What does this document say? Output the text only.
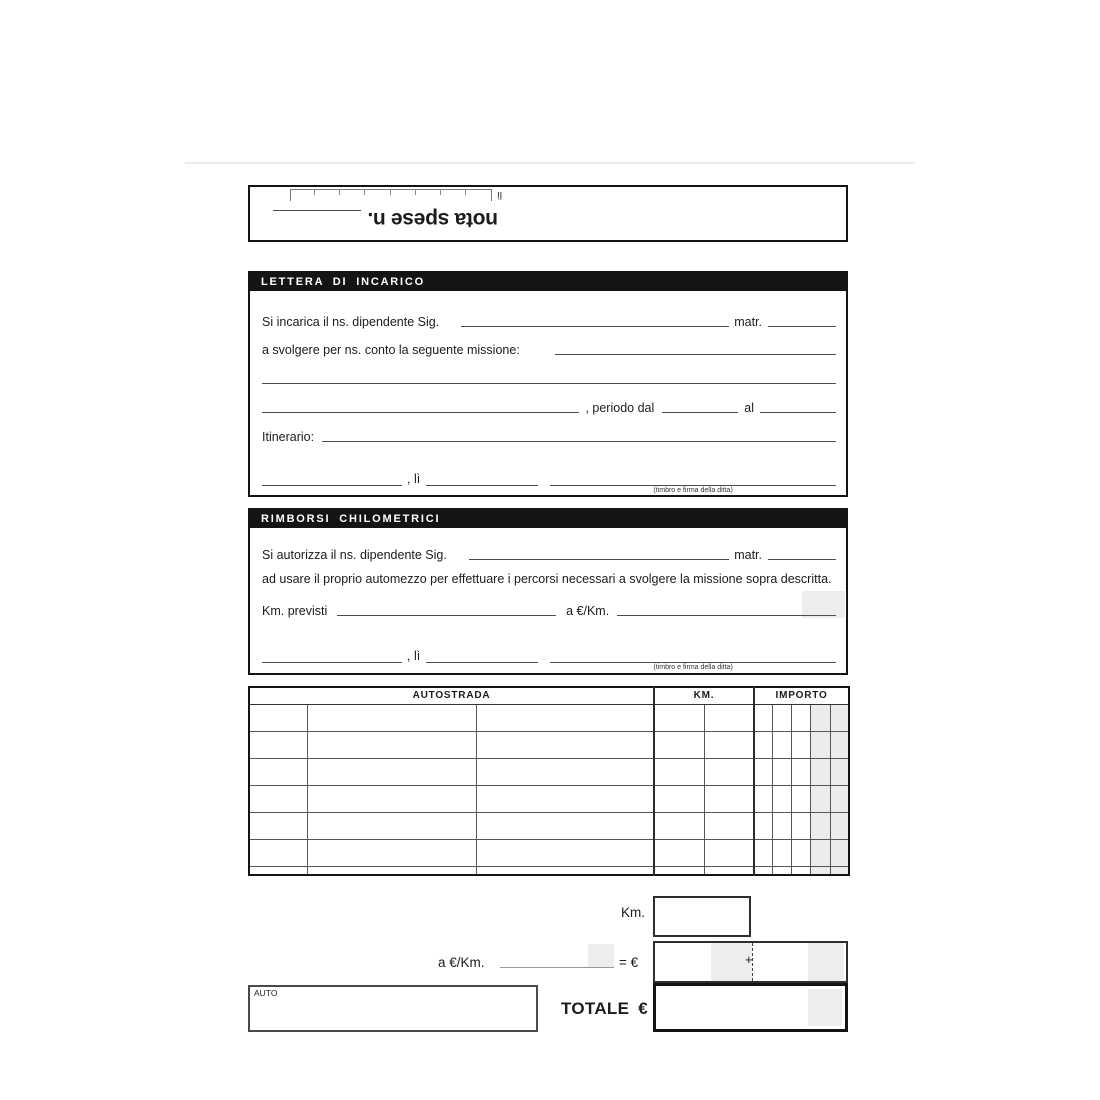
nota spese n.
lì
LETTERA DI INCARICO
Si incarica il ns. dipendente Sig.	matr.
a svolgere per ns. conto la seguente missione:
, periodo dal	al
Itinerario:
, lì
(timbro e firma della ditta)
RIMBORSI CHILOMETRICI
Si autorizza il ns. dipendente Sig.	matr.
ad usare il proprio automezzo per effettuare i percorsi necessari a svolgere la missione sopra descritta.
Km. previsti	a €/Km.
, lì
(timbro e firma della ditta)
AUTOSTRADA			KM.		IMPORTO				

Km.
a €/Km.	= €	+
AUTO
TOTALE €
